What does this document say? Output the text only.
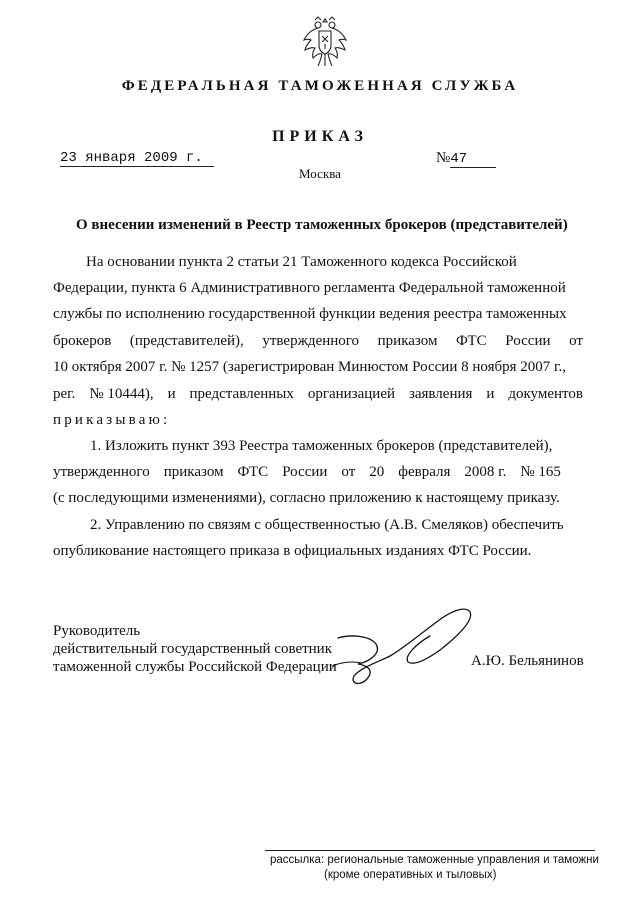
ФЕДЕРАЛЬНАЯ ТАМОЖЕННАЯ СЛУЖБА
ПРИКАЗ
23 января 2009 г.	№47
Москва
О внесении изменений в Реестр таможенных брокеров (представителей)
На основании пункта 2 статьи 21 Таможенного кодекса Российской
Федерации, пункта 6 Административного регламента Федеральной таможенной
службы по исполнению государственной функции ведения реестра таможенных
брокеров (представителей), утвержденного приказом ФТС России от
10 октября 2007 г. № 1257 (зарегистрирован Минюстом России 8 ноября 2007 г.,
рег. № 10444), и представленных организацией заявления и документов
приказываю:
1. Изложить пункт 393 Реестра таможенных брокеров (представителей),
утвержденного приказом ФТС России от 20 февраля 2008 г. № 165
(с последующими изменениями), согласно приложению к настоящему приказу.
2. Управлению по связям с общественностью (А.В. Смеляков) обеспечить
опубликование настоящего приказа в официальных изданиях ФТС России.
Руководитель
действительный государственный советник
таможенной службы Российской Федерации	А.Ю. Бельянинов
рассылка: региональные таможенные управления и таможни
(кроме оперативных и тыловых)
